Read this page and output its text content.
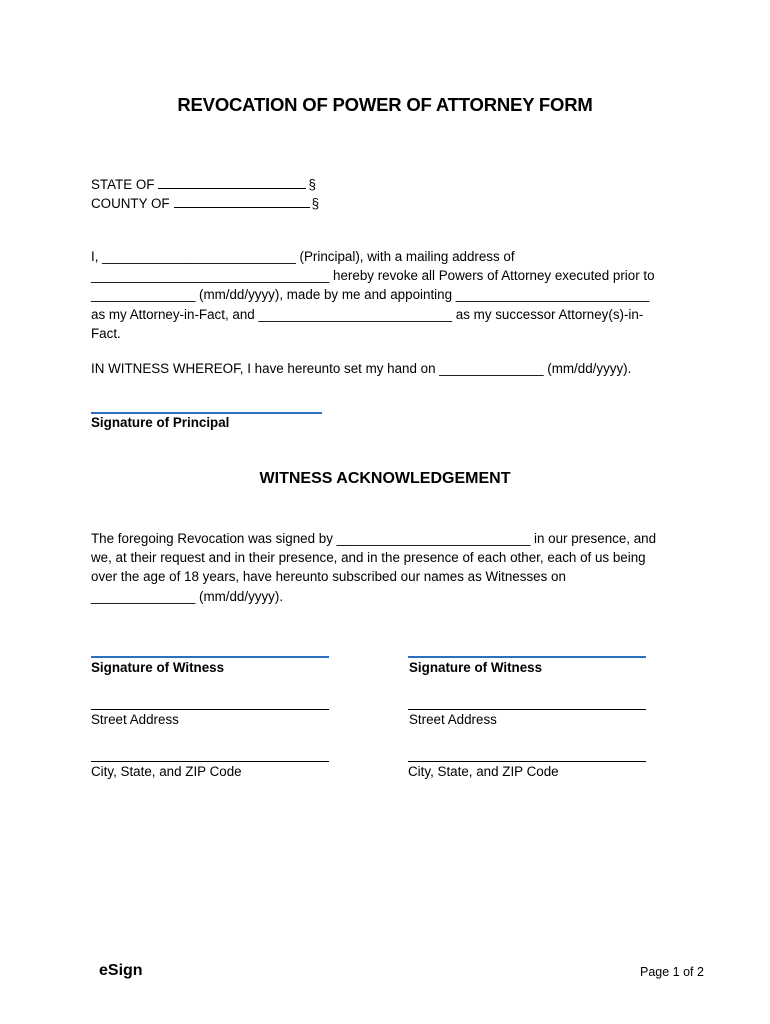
REVOCATION OF POWER OF ATTORNEY FORM
STATE OF	§
COUNTY OF	§
I, __________________________ (Principal), with a mailing address of
________________________________ hereby revoke all Powers of Attorney executed prior to
______________ (mm/dd/yyyy), made by me and appointing __________________________
as my Attorney-in-Fact, and __________________________ as my successor Attorney(s)-in-
Fact.
IN WITNESS WHEREOF, I have hereunto set my hand on ______________ (mm/dd/yyyy).
Signature of Principal
WITNESS ACKNOWLEDGEMENT
The foregoing Revocation was signed by __________________________ in our presence, and
we, at their request and in their presence, and in the presence of each other, each of us being
over the age of 18 years, have hereunto subscribed our names as Witnesses on
______________ (mm/dd/yyyy).
Signature of Witness
Street Address
City, State, and ZIP Code
Signature of Witness
Street Address
City, State, and ZIP Code
eSign	Page 1 of 2
